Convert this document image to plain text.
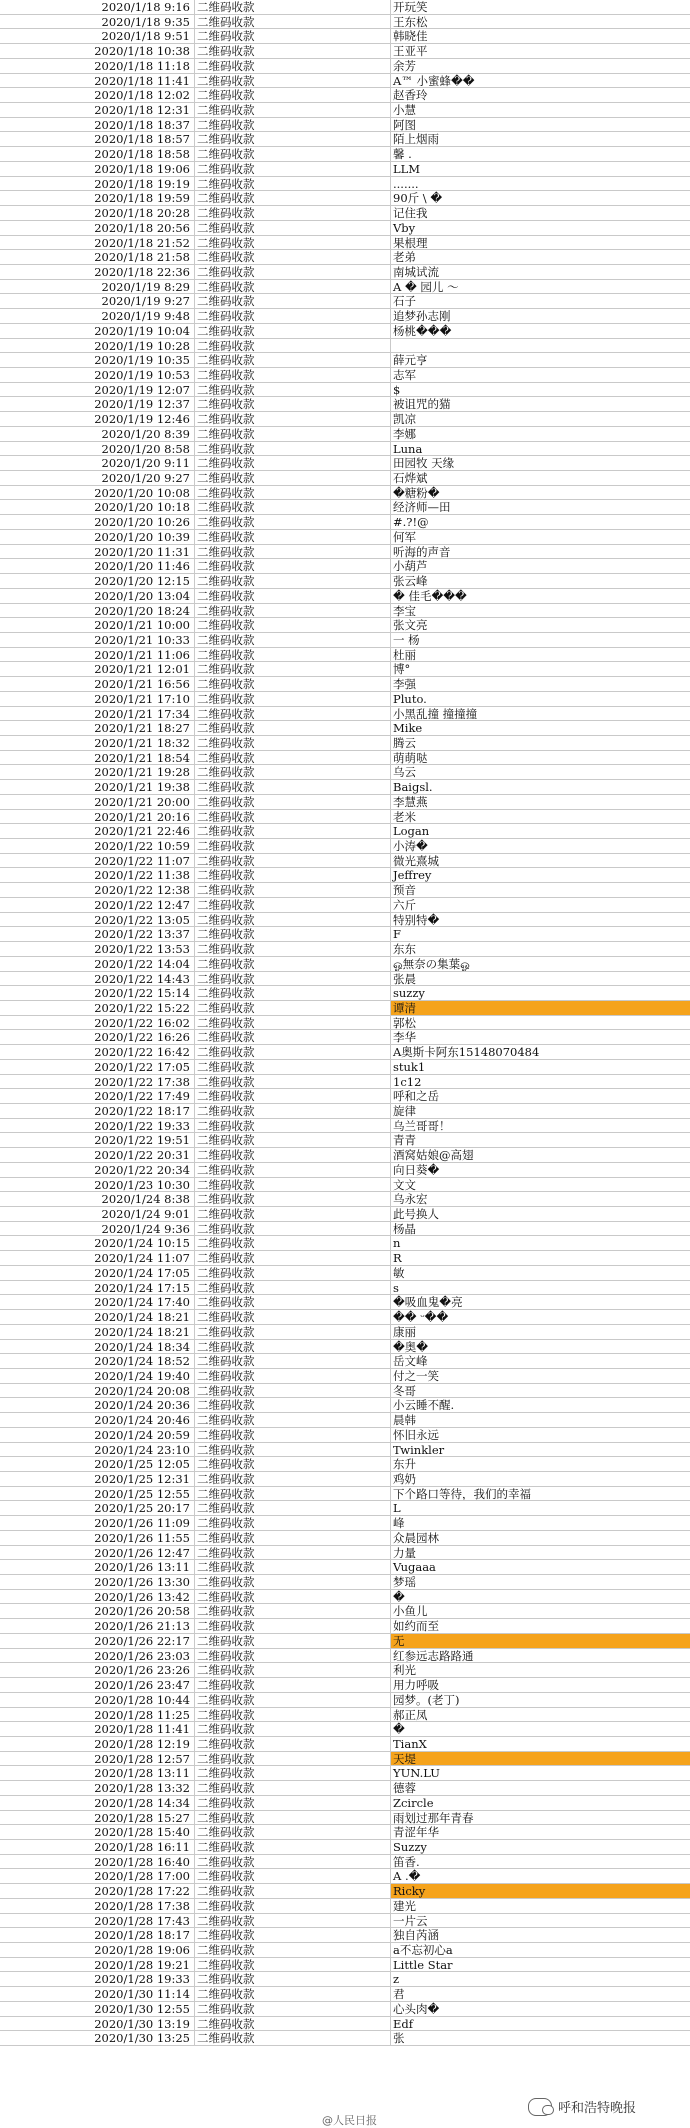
2020/1/18 9:16 二维码收款	开玩笑
2020/1/18 9:35 二维码收款	王东松
2020/1/18 9:51 二维码收款	韩晓佳
2020/1/18 10:38 二维码收款	王亚平
2020/1/18 11:18 二维码收款	余芳
2020/1/18 11:41 二维码收款	A™ 小蜜蜂��
2020/1/18 12:02 二维码收款	赵香玲
2020/1/18 12:31 二维码收款	小慧
2020/1/18 18:37 二维码收款	阿图
2020/1/18 18:57 二维码收款	陌上烟雨
2020/1/18 18:58 二维码收款	馨 .
2020/1/18 19:06 二维码收款	LLM
2020/1/18 19:19 二维码收款	.......
2020/1/18 19:59 二维码收款	90斤 \ �
2020/1/18 20:28 二维码收款	记住我
2020/1/18 20:56 二维码收款	Vby
2020/1/18 21:52 二维码收款	果根理
2020/1/18 21:58 二维码收款	老弟
2020/1/18 22:36 二维码收款	南城试流
2020/1/19 8:29 二维码收款	A � 园儿 ～
2020/1/19 9:27 二维码收款	石子
2020/1/19 9:48 二维码收款	追梦孙志刚
2020/1/19 10:04 二维码收款	杨桃���
2020/1/19 10:28 二维码收款
2020/1/19 10:35 二维码收款	薛元亨
2020/1/19 10:53 二维码收款	志军
2020/1/19 12:07 二维码收款	$
2020/1/19 12:37 二维码收款	被诅咒的猫
2020/1/19 12:46 二维码收款	凯凉
2020/1/20 8:39 二维码收款	李娜
2020/1/20 8:58 二维码收款	Luna
2020/1/20 9:11 二维码收款	田园牧 天缘
2020/1/20 9:27 二维码收款	石烨斌
2020/1/20 10:08 二维码收款	�糖粉�
2020/1/20 10:18 二维码收款	经济师—田
2020/1/20 10:26 二维码收款	#.?!@
2020/1/20 10:39 二维码收款	何军
2020/1/20 11:31 二维码收款	听海的声音
2020/1/20 11:46 二维码收款	小葫芦
2020/1/20 12:15 二维码收款	张云峰
2020/1/20 13:04 二维码收款	� 佳毛���
2020/1/20 18:24 二维码收款	李宝
2020/1/21 10:00 二维码收款	张文亮
2020/1/21 10:33 二维码收款	一 杨
2020/1/21 11:06 二维码收款	杜丽
2020/1/21 12:01 二维码收款	博°
2020/1/21 16:56 二维码收款	李强
2020/1/21 17:10 二维码收款	Pluto.
2020/1/21 17:34 二维码收款	小黑乱撞 撞撞撞
2020/1/21 18:27 二维码收款	Mike
2020/1/21 18:32 二维码收款	腾云
2020/1/21 18:54 二维码收款	萌萌哒
2020/1/21 19:28 二维码收款	乌云
2020/1/21 19:38 二维码收款	Baigsl.
2020/1/21 20:00 二维码收款	李慧燕
2020/1/21 20:16 二维码收款	老米
2020/1/21 22:46 二维码收款	Logan
2020/1/22 10:59 二维码收款	小涛�
2020/1/22 11:07 二维码收款	微光熹城
2020/1/22 11:38 二维码收款	Jeffrey
2020/1/22 12:38 二维码收款	预音
2020/1/22 12:47 二维码收款	六斤
2020/1/22 13:05 二维码收款	特别特�
2020/1/22 13:37 二维码收款	F
2020/1/22 13:53 二维码收款	东东
2020/1/22 14:04 二维码收款	ஓ無奈の集葉ஓ
2020/1/22 14:43 二维码收款	张晨
2020/1/22 15:14 二维码收款	suzzy
2020/1/22 15:22 二维码收款	谭清
2020/1/22 16:02 二维码收款	郭松
2020/1/22 16:26 二维码收款	李华
2020/1/22 16:42 二维码收款	A奥斯卡阿东15148070484
2020/1/22 17:05 二维码收款	stuk1
2020/1/22 17:38 二维码收款	1c12
2020/1/22 17:49 二维码收款	呼和之岳
2020/1/22 18:17 二维码收款	旋律
2020/1/22 19:33 二维码收款	乌兰哥哥！
2020/1/22 19:51 二维码收款	青青
2020/1/22 20:31 二维码收款	酒窝姑娘@高翅
2020/1/22 20:34 二维码收款	向日葵�
2020/1/23 10:30 二维码收款	文文
2020/1/24 8:38 二维码收款	乌永宏
2020/1/24 9:01 二维码收款	此号换人
2020/1/24 9:36 二维码收款	杨晶
2020/1/24 10:15 二维码收款	n
2020/1/24 11:07 二维码收款	R
2020/1/24 17:05 二维码收款	敏
2020/1/24 17:15 二维码收款	s
2020/1/24 17:40 二维码收款	�吸血鬼�亮
2020/1/24 18:21 二维码收款	�� ᵕ��
2020/1/24 18:21 二维码收款	康丽
2020/1/24 18:34 二维码收款	�奥�
2020/1/24 18:52 二维码收款	岳文峰
2020/1/24 19:40 二维码收款	付之一笑
2020/1/24 20:08 二维码收款	冬哥
2020/1/24 20:36 二维码收款	小云睡不醒.
2020/1/24 20:46 二维码收款	晨韩
2020/1/24 20:59 二维码收款	怀旧永远
2020/1/24 23:10 二维码收款	Twinkler
2020/1/25 12:05 二维码收款	东升
2020/1/25 12:31 二维码收款	鸡奶
2020/1/25 12:55 二维码收款	下个路口等待，我们的幸福
2020/1/25 20:17 二维码收款	L
2020/1/26 11:09 二维码收款	峰
2020/1/26 11:55 二维码收款	众晨园林
2020/1/26 12:47 二维码收款	力量
2020/1/26 13:11 二维码收款	Vugaaa
2020/1/26 13:30 二维码收款	梦瑶
2020/1/26 13:42 二维码收款	�
2020/1/26 20:58 二维码收款	小鱼儿
2020/1/26 21:13 二维码收款	如约而至
2020/1/26 22:17 二维码收款	无
2020/1/26 23:03 二维码收款	红参远志路路通
2020/1/26 23:26 二维码收款	利光
2020/1/26 23:47 二维码收款	用力呼吸
2020/1/28 10:44 二维码收款	园梦。(老丁)
2020/1/28 11:25 二维码收款	郝正凤
2020/1/28 11:41 二维码收款	�
2020/1/28 12:19 二维码收款	TianX
2020/1/28 12:57 二维码收款	天堤
2020/1/28 13:11 二维码收款	YUN.LU
2020/1/28 13:32 二维码收款	德蓉
2020/1/28 14:34 二维码收款	Zcircle
2020/1/28 15:27 二维码收款	雨划过那年青春
2020/1/28 15:40 二维码收款	青涩年华
2020/1/28 16:11 二维码收款	Suzzy
2020/1/28 16:40 二维码收款	笛香.
2020/1/28 17:00 二维码收款	A .�
2020/1/28 17:22 二维码收款	Ricky
2020/1/28 17:38 二维码收款	建光
2020/1/28 17:43 二维码收款	一片云
2020/1/28 18:17 二维码收款	独自芮涵
2020/1/28 19:06 二维码收款	a不忘初心a
2020/1/28 19:21 二维码收款	Little Star
2020/1/28 19:33 二维码收款	z
2020/1/30 11:14 二维码收款	君
2020/1/30 12:55 二维码收款	心头肉�
2020/1/30 13:19 二维码收款	Edf
2020/1/30 13:25 二维码收款	张
@人民日报
呼和浩特晚报
